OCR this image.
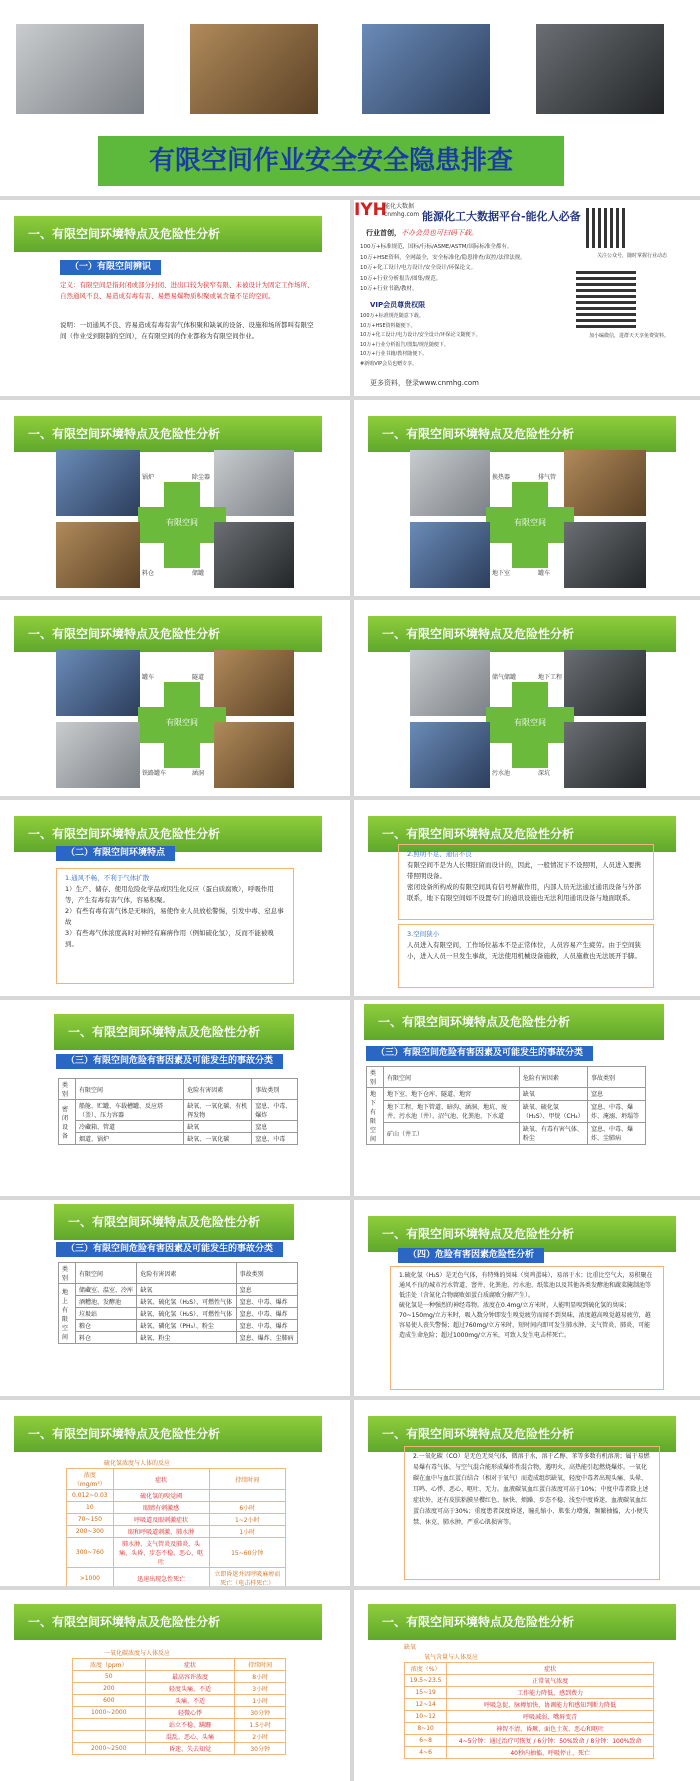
有限空间作业安全安全隐患排查
一、有限空间环境特点及危险性分析
（一）有限空间辨识
定义：有限空间是指封闭或部分封闭、进出口较为狭窄有限、未被设计为固定工作场所、自然通风不良、易造成有毒有害、易燃易爆物质积聚或氧含量不足的空间。
说明：一切通风不良、容易造成有毒有害气体积聚和缺氧的设备、设施和场所都叫有限空间（作业受到限制的空间），在有限空间的作业都称为有限空间作业。
IYH
能化大数据
cnmhg.com 能源化工大数据平台-能化人必备
行业首创，不办会员也可扫码下载。
100万+标准规范，国标/行标/ASME/ASTM/国际标准全都有。
10万+HSE资料，全网最全，安全标准化/隐患排查/双控/法律法规。
10万+化工设计/电力设计/安全设计/环保论文。
10万+行业分析报告/图集/规范。
10万+行业书籍/教材。
VIP会员尊贵权限
100万+标准规范随意下载。
10万+HSE资料随便下。
10万+化工设计/电力设计/安全设计/环保论文随便下。
10万+行业分析报告/图集/规范随便下。
10万+行业书籍/教材随便下。
#新购VIP会员也赠专享。
更多资料，登录www.cnmhg.com
关注公众号，随时掌握行业动态
加小编微信，进群天天享免费资料。
一、有限空间环境特点及危险性分析
锅炉	除尘器
有限空间
料仓	储罐
一、有限空间环境特点及危险性分析
换热器	排气管
有限空间
地下室	罐车
一、有限空间环境特点及危险性分析
罐车	隧道
有限空间
铁路罐车	涵洞
一、有限空间环境特点及危险性分析
储气储罐	地下工程
有限空间
污水池	深坑
一、有限空间环境特点及危险性分析
（二）有限空间环境特点
1.通风不畅，不利于气体扩散
1）生产、储存、使用危险化学品或因生化反应（蛋白质腐败），呼吸作用等，产生有毒有害气体，容易积聚。
2）有些有毒有害气体是无味的，易使作业人员放松警惕，引发中毒、窒息事故
3）有些毒气体浓度高时对神经有麻痹作用（例如硫化氢），反而不能被嗅到。
一、有限空间环境特点及危险性分析
2.照明不足、通信不良
有限空间不是为人长期驻留而设计的，因此，一般情况下不设照明，人员进入要携带照明设备。
密闭设备所构成的有限空间具有信号屏蔽作用，内部人员无法通过通讯设备与外部联系，地下有限空间如不设置专门的通讯设施也无法利用通讯设备与地面联系。
3.空间狭小
人员进入有限空间，工作场位基本不是正常体位，人员容易产生疲劳。由于空间狭小，进入人员一旦发生事故，无法使用机械设备施救，人员施救也无法展开手脚。
一、有限空间环境特点及危险性分析
（三）有限空间危险有害因素及可能发生的事故分类
类别	有限空间	危险有害因素	事故类别
密闭设备	船舱、贮罐、车载槽罐、反应塔（釜）、压力容器	缺氧、一氧化碳、有机挥发物	窒息、中毒、爆炸
	冷藏箱、管道	缺氧	窒息
	烟道、锅炉	缺氧、一氧化碳	窒息、中毒
一、有限空间环境特点及危险性分析
（三）有限空间危险有害因素及可能发生的事故分类
类别	有限空间	危险有害因素	事故类别
地下有限空间	地下室、地下仓库、隧道、地窖	缺氧	窒息
	地下工程、地下管道、暗沟、涵洞、地坑、废井、污水池（井）、沼气池、化粪池、下水道	缺氧、硫化氢（H₂S）、甲烷（CH₄）	窒息、中毒、爆炸、淹溺、坍塌等
	矿山（井工）	缺氧、有毒有害气体、粉尘	窒息、中毒、爆炸、尘肺病
一、有限空间环境特点及危险性分析
（三）有限空间危险有害因素及可能发生的事故分类
类别	有限空间	危险有害因素	事故类别
地上有限空间	储藏室、温室、冷库	缺氧	窒息
	酒糟池、发酵池	缺氧、硫化氢（H₂S）、可燃性气体	窒息、中毒、爆炸
	垃圾站	缺氧、硫化氢（H₂S）、可燃性气体	窒息、中毒、爆炸
	粮仓	缺氧、磷化氢（PH₃）、粉尘	窒息、中毒、爆炸
	料仓	缺氧、粉尘	窒息、爆炸、尘肺病
一、有限空间环境特点及危险性分析
（四）危险有害因素危险性分析
1.硫化氢（H₂S）是无色气体，有特殊的臭味（臭鸡蛋味），易溶于水；比重比空气大，易积聚在通风不良的城市污水管道、窨井、化粪池、污水池、纸浆池以及其他各类发酵池和蔬菜腌制池等低洼处（含氮化合物腐败如蛋白质腐败分解产生）。
硫化氢是一种强烈的神经毒物。浓度在0.4mg/立方米时，人能明显嗅到硫化氢的臭味；70~150mg/立方米时，吸入数分钟即发生嗅觉疲劳而闻不到臭味，浓度越高嗅觉越易疲劳，越容易使人丧失警惕；超过760mg/立方米时，短时间内即可发生肺水肿、支气管炎、肺炎，可能造成生命危险；超过1000mg/立方米，可致人发生电击样死亡。
一、有限空间环境特点及危险性分析
硫化氢浓度与人体的反应
浓度（mg/m³）	症状	持续时间
0.012~0.03	硫化氢的嗅觉阈	
10	眼睛有刺激感	6小时
70~150	呼吸道及眼刺激症状	1~2小时
200~300	眼和呼吸道刺激，肺水肿	1小时
300~760	肺水肿、支气管炎及肺炎，头痛、头昏、步态不稳、恶心、呕吐	15~60分钟
>1000	迅速出现急性死亡	立即昏迷并因呼吸麻痹而死亡（电击样死亡）
一、有限空间环境特点及危险性分析
2.一氧化碳（CO）是无色无臭气体，微溶于水，溶于乙醇、苯等多数有机溶剂；属于易燃易爆有毒气体，与空气混合能形成爆炸性混合物，遇明火、高热能引起燃烧爆炸。一氧化碳在血中与血红蛋白结合（相对于氧气）而造成组织缺氧，轻度中毒者出现头痛、头晕、耳鸣、心悸、恶心、呕吐、无力。血液碳氧血红蛋白浓度可高于10%；中度中毒者除上述症状外，还有皮肤粘膜呈樱红色、脉快、烦躁、步态不稳、浅至中度昏迷，血液碳氧血红蛋白浓度可高于30%；重度患者深度昏迷，瞳孔缩小、肌张力增强，频繁抽搐，大小便失禁、休克、肺水肿，严重心肌损害等。
一、有限空间环境特点及危险性分析
一氧化碳浓度与人体反应
浓度（ppm）	症状	持续时间
50	最高容许浓度	8小时
200	轻度头痛、不适	3小时
600	头痛、不适	1小时
1000~2000	轻微心悸	30分钟
	站立不稳、蹒跚	1.5小时
	混乱、恶心、头痛	2小时
2000~2500	昏迷、失去知觉	30分钟
一、有限空间环境特点及危险性分析
缺氧
氧气含量与人体反应
浓度（%）	症状
19.5~23.5	正常氧气浓度
15~19	工作能力降低，感到费力
12~14	呼吸急促、脉搏加快，协调能力和感知判断力降低
10~12	呼吸减弱、嘴唇变青
8~10	神智不清、昏厥、面色土灰、恶心和呕吐
6~8	4~5分钟：通过治疗可恢复 / 6分钟：50%致命 / 8分钟：100%致命
4~6	40秒内抽搐、呼吸停止、死亡
